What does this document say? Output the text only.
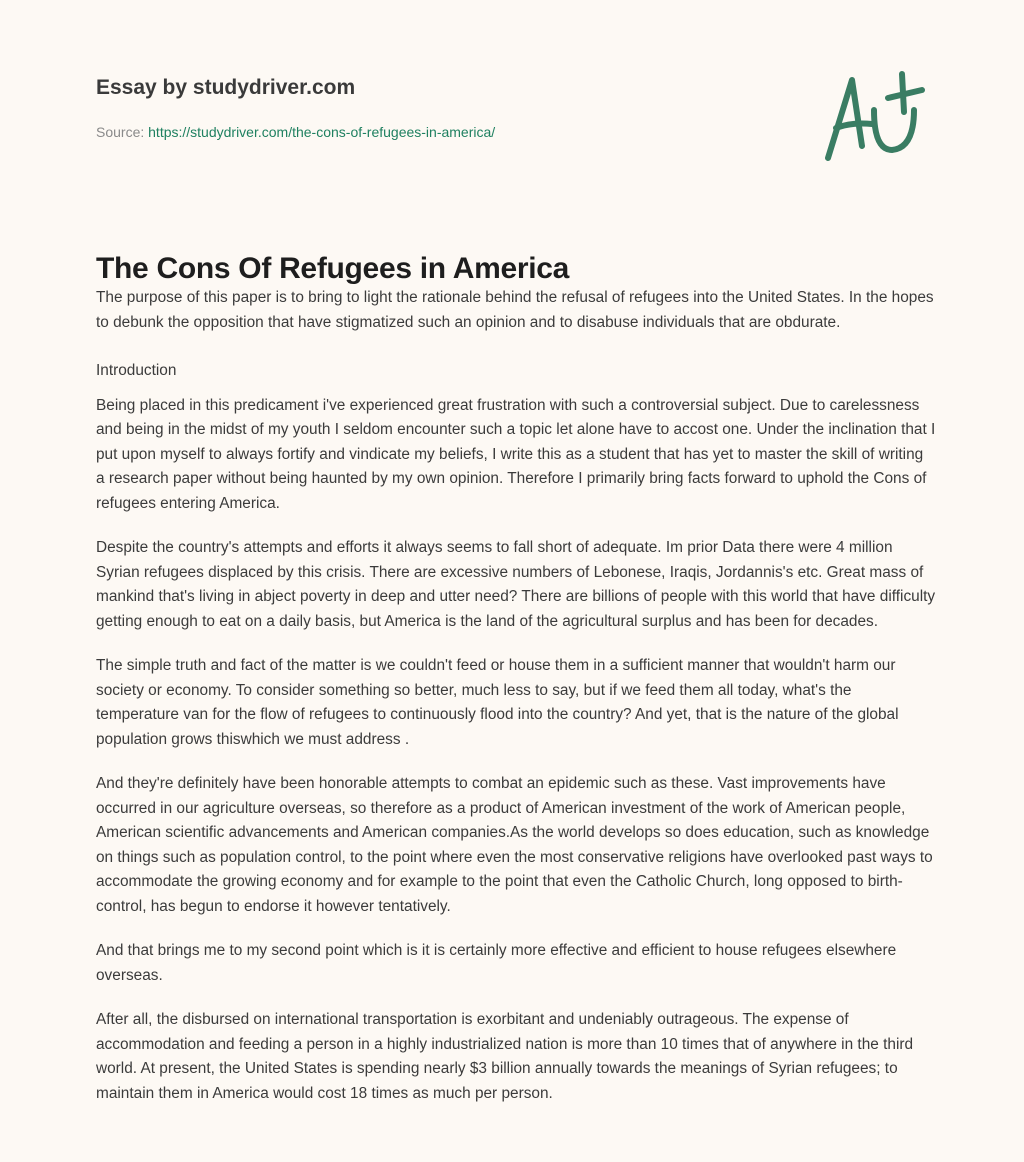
Essay by studydriver.com

Source: https://studydriver.com/the-cons-of-refugees-in-america/
The Cons Of Refugees in America

The purpose of this paper is to bring to light the rationale behind the refusal of refugees into the United States. In the hopes to debunk the opposition that have stigmatized such an opinion and to disabuse individuals that are obdurate.

Introduction

Being placed in this predicament i've experienced great frustration with such a controversial subject. Due to carelessness and being in the midst of my youth I seldom encounter such a topic let alone have to accost one. Under the inclination that I put upon myself to always fortify and vindicate my beliefs, I write this as a student that has yet to master the skill of writing a research paper without being haunted by my own opinion. Therefore I primarily bring facts forward to uphold the Cons of refugees entering America.

Despite the country's attempts and efforts it always seems to fall short of adequate. Im prior Data there were 4 million Syrian refugees displaced by this crisis. There are excessive numbers of Lebonese, Iraqis, Jordannis's etc. Great mass of mankind that's living in abject poverty in deep and utter need? There are billions of people with this world that have difficulty getting enough to eat on a daily basis, but America is the land of the agricultural surplus and has been for decades.

The simple truth and fact of the matter is we couldn't feed or house them in a sufficient manner that wouldn't harm our society or economy. To consider something so better, much less to say, but if we feed them all today, what's the temperature van for the flow of refugees to continuously flood into the country? And yet, that is the nature of the global population grows thiswhich we must address .

And they're definitely have been honorable attempts to combat an epidemic such as these. Vast improvements have occurred in our agriculture overseas, so therefore as a product of American investment of the work of American people, American scientific advancements and American companies.As the world develops so does education, such as knowledge on things such as population control, to the point where even the most conservative religions have overlooked past ways to accommodate the growing economy and for example to the point that even the Catholic Church, long opposed to birth-control, has begun to endorse it however tentatively.

And that brings me to my second point which is it is certainly more effective and efficient to house refugees elsewhere overseas.

After all, the disbursed on international transportation is exorbitant and undeniably outrageous. The expense of accommodation and feeding a person in a highly industrialized nation is more than 10 times that of anywhere in the third world. At present, the United States is spending nearly $3 billion annually towards the meanings of Syrian refugees; to maintain them in America would cost 18 times as much per person.
